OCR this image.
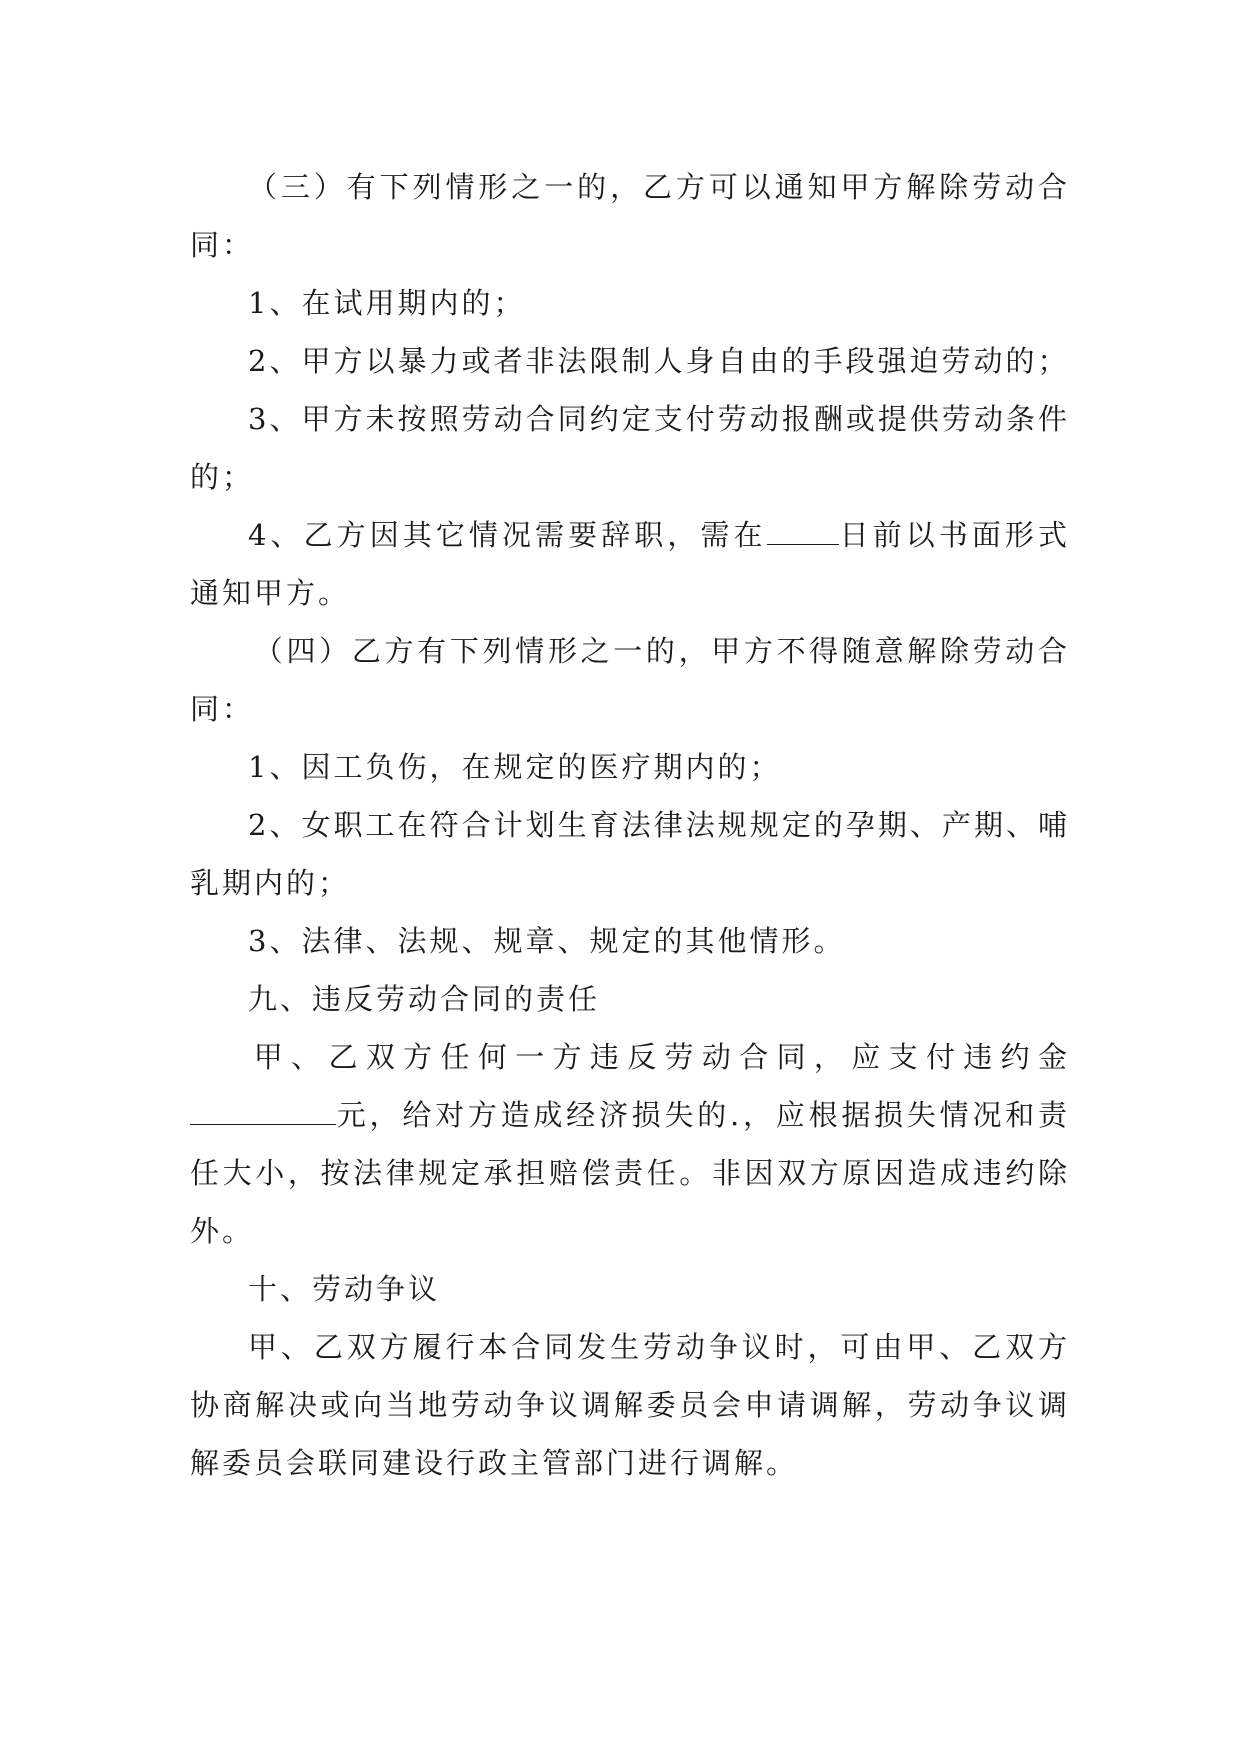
（三）有下列情形之一的，乙方可以通知甲方解除劳动合同：

1、在试用期内的；

2、甲方以暴力或者非法限制人身自由的手段强迫劳动的；

3、甲方未按照劳动合同约定支付劳动报酬或提供劳动条件的；

4、乙方因其它情况需要辞职，需在 日前以书面形式通知甲方。

（四）乙方有下列情形之一的，甲方不得随意解除劳动合同：

1、因工负伤，在规定的医疗期内的；

2、女职工在符合计划生育法律法规规定的孕期、产期、哺乳期内的；

3、法律、法规、规章、规定的其他情形。

九、违反劳动合同的责任

甲、乙双方任何一方违反劳动合同，应支付违约金元，给对方造成经济损失的.，应根据损失情况和责任大小，按法律规定承担赔偿责任。非因双方原因造成违约除外。

十、劳动争议

甲、乙双方履行本合同发生劳动争议时，可由甲、乙双方协商解决或向当地劳动争议调解委员会申请调解，劳动争议调解委员会联同建设行政主管部门进行调解。
